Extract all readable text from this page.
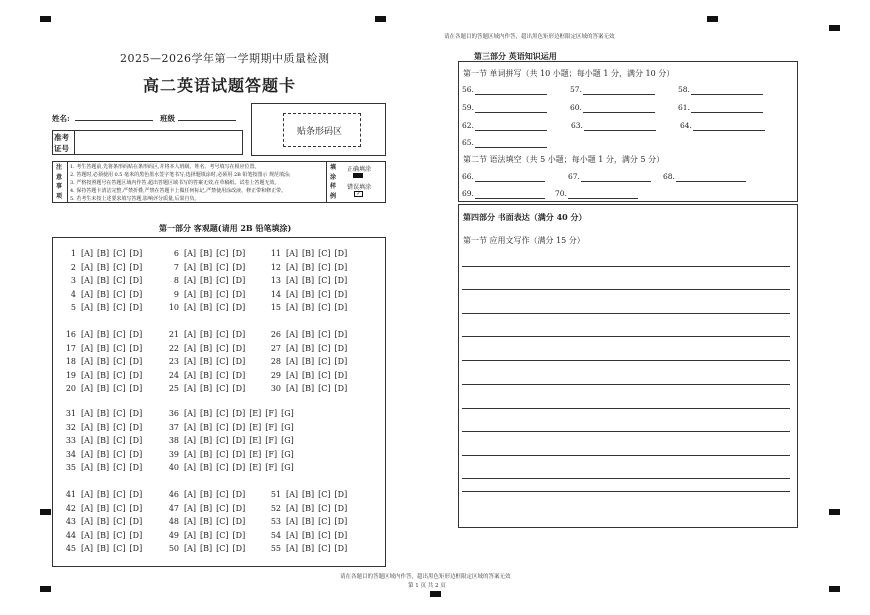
请在各题目的答题区域内作答，超出黑色矩形边框限定区域的答案无效
2025—2026学年第一学期期中质量检测
高二英语试题答题卡
姓名:	班级
准考
证号
贴条形码区
注
意
事
项
1. 考生答题前,先将条形码贴在条形码区,并将本人班级、姓名、考号填写在相应位置。
2. 答题时,必须使用 0.5 毫米的黑色墨水签字笔书写;选择题填涂时,必须用 2B 铅笔按图示 规范填涂;
3. 严格按照题号在答题区域内作答,超出答题区域书写的答案无效,在草稿纸、试卷上答题无效。
4. 保持答题卡清洁完整,严禁折叠,严禁在答题卡上做任何标记,严禁使用涂改液、修正带和修正带。
5. 若考生未按上述要求填写答题,影响评分质量,后果自负。
填
涂
样
例
正确填涂
错误填涂
✓
第一部分 客观题(请用 2B 铅笔填涂)
1 [A] [B] [C] [D]
2 [A] [B] [C] [D]
3 [A] [B] [C] [D]
4 [A] [B] [C] [D]
5 [A] [B] [C] [D]
6 [A] [B] [C] [D]
7 [A] [B] [C] [D]
8 [A] [B] [C] [D]
9 [A] [B] [C] [D]
10 [A] [B] [C] [D]
11 [A] [B] [C] [D]
12 [A] [B] [C] [D]
13 [A] [B] [C] [D]
14 [A] [B] [C] [D]
15 [A] [B] [C] [D]
16 [A] [B] [C] [D]
17 [A] [B] [C] [D]
18 [A] [B] [C] [D]
19 [A] [B] [C] [D]
20 [A] [B] [C] [D]
21 [A] [B] [C] [D]
22 [A] [B] [C] [D]
23 [A] [B] [C] [D]
24 [A] [B] [C] [D]
25 [A] [B] [C] [D]
26 [A] [B] [C] [D]
27 [A] [B] [C] [D]
28 [A] [B] [C] [D]
29 [A] [B] [C] [D]
30 [A] [B] [C] [D]
31 [A] [B] [C] [D]
32 [A] [B] [C] [D]
33 [A] [B] [C] [D]
34 [A] [B] [C] [D]
35 [A] [B] [C] [D]
36 [A] [B] [C] [D] [E] [F] [G]
37 [A] [B] [C] [D] [E] [F] [G]
38 [A] [B] [C] [D] [E] [F] [G]
39 [A] [B] [C] [D] [E] [F] [G]
40 [A] [B] [C] [D] [E] [F] [G]
41 [A] [B] [C] [D]
42 [A] [B] [C] [D]
43 [A] [B] [C] [D]
44 [A] [B] [C] [D]
45 [A] [B] [C] [D]
46 [A] [B] [C] [D]
47 [A] [B] [C] [D]
48 [A] [B] [C] [D]
49 [A] [B] [C] [D]
50 [A] [B] [C] [D]
51 [A] [B] [C] [D]
52 [A] [B] [C] [D]
53 [A] [B] [C] [D]
54 [A] [B] [C] [D]
55 [A] [B] [C] [D]
第三部分 英语知识运用
第一节 单词拼写（共 10 小题；每小题 1 分，满分 10 分）
56.	57.	58.
59.	60.	61.
62.	63.	64.
65.
66.	67.	68.
69.	70.
第二节 语法填空（共 5 小题；每小题 1 分，满分 5 分）
第四部分 书面表达（满分 40 分）
第一节 应用文写作（满分 15 分）
请在各题目的答题区域内作答，超出黑色矩形边框限定区域的答案无效
第 1 页 共 2 页
